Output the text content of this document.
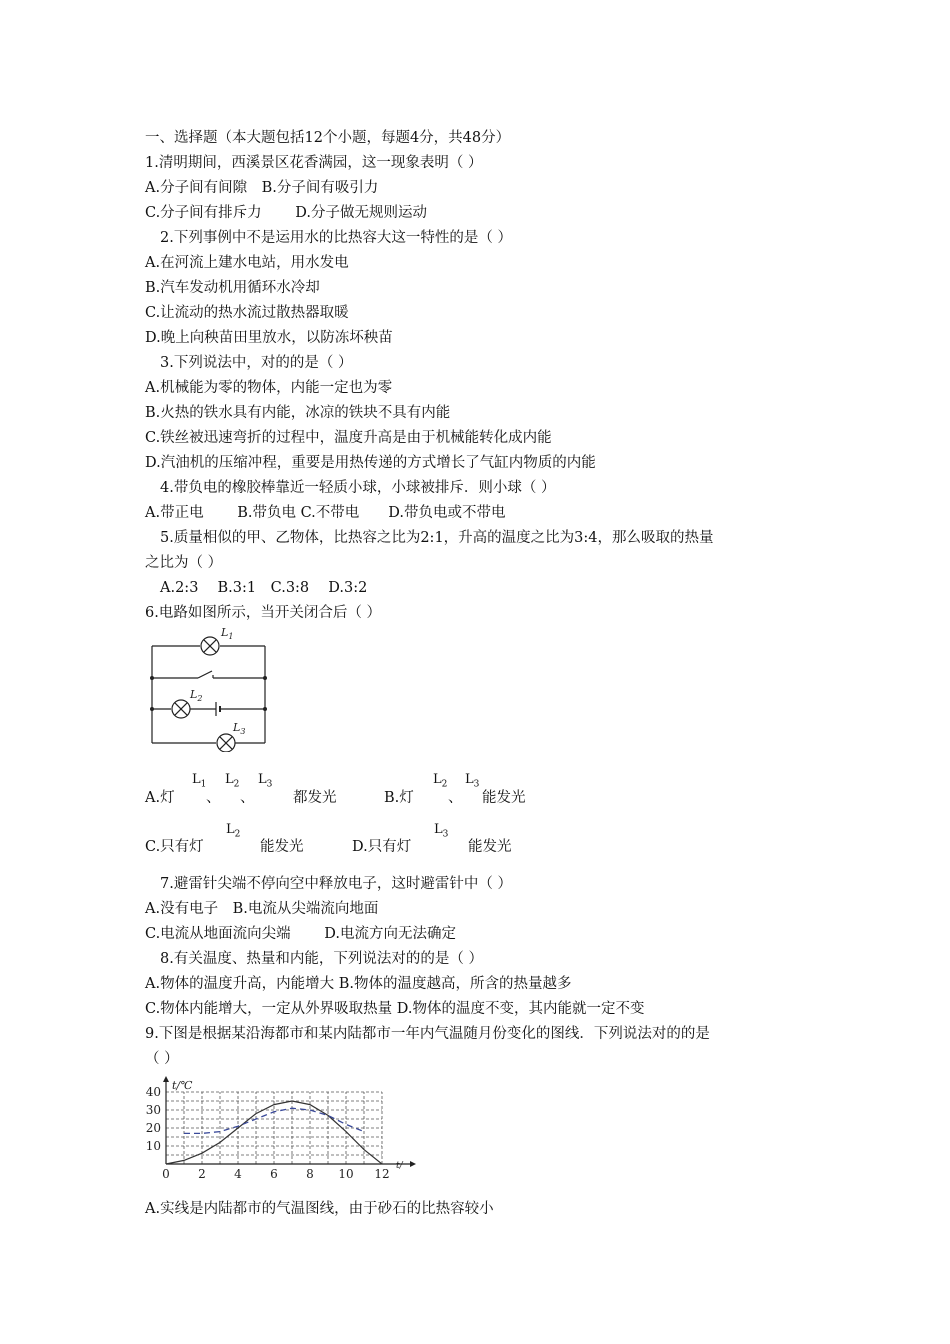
一、选择题（本大题包括12个小题，每题4分，共48分）
1.清明期间，西溪景区花香满园，这一现象表明（ ）
A.分子间有间隙　B.分子间有吸引力
C.分子间有排斥力　　 D.分子做无规则运动
2.下列事例中不是运用水的比热容大这一特性的是（ ）
A.在河流上建水电站，用水发电
B.汽车发动机用循环水冷却
C.让流动的热水流过散热器取暖
D.晚上向秧苗田里放水，以防冻坏秧苗
3.下列说法中，对的的是（ ）
A.机械能为零的物体，内能一定也为零
B.火热的铁水具有内能，冰凉的铁块不具有内能
C.铁丝被迅速弯折的过程中，温度升高是由于机械能转化成内能
D.汽油机的压缩冲程，重要是用热传递的方式增长了气缸内物质的内能
4.带负电的橡胶棒靠近一轻质小球，小球被排斥．则小球（ ）
A.带正电　　 B.带负电 C.不带电　　D.带负电或不带电
5.质量相似的甲、乙物体，比热容之比为2:1，升高的温度之比为3:4，那么吸取的热量
之比为（ ）
A.2:3　 B.3:1　C.3:8　 D.3:2
6.电路如图所示，当开关闭合后（ ）
$L_1$
$L_2$
$L_3$
A.灯
$L_1$
、
$L_2$
、
$L_3$
都发光	B.灯
$L_2$
、
$L_3$
能发光
C.只有灯
$L_2$
能发光	D.只有灯
$L_3$
能发光
7.避雷针尖端不停向空中释放电子，这时避雷针中（ ）
A.没有电子　B.电流从尖端流向地面
C.电流从地面流向尖端　　 D.电流方向无法确定
8.有关温度、热量和内能，下列说法对的的是（ ）
A.物体的温度升高，内能增大 B.物体的温度越高，所含的热量越多
C.物体内能增大，一定从外界吸取热量 D.物体的温度不变，其内能就一定不变
9.下图是根据某沿海都市和某内陆都市一年内气温随月份变化的图线．下列说法对的的是
（ ）
t/℃
t/
0 2 4 6 8 10 12
10
20
30
40
A.实线是内陆都市的气温图线，由于砂石的比热容较小
